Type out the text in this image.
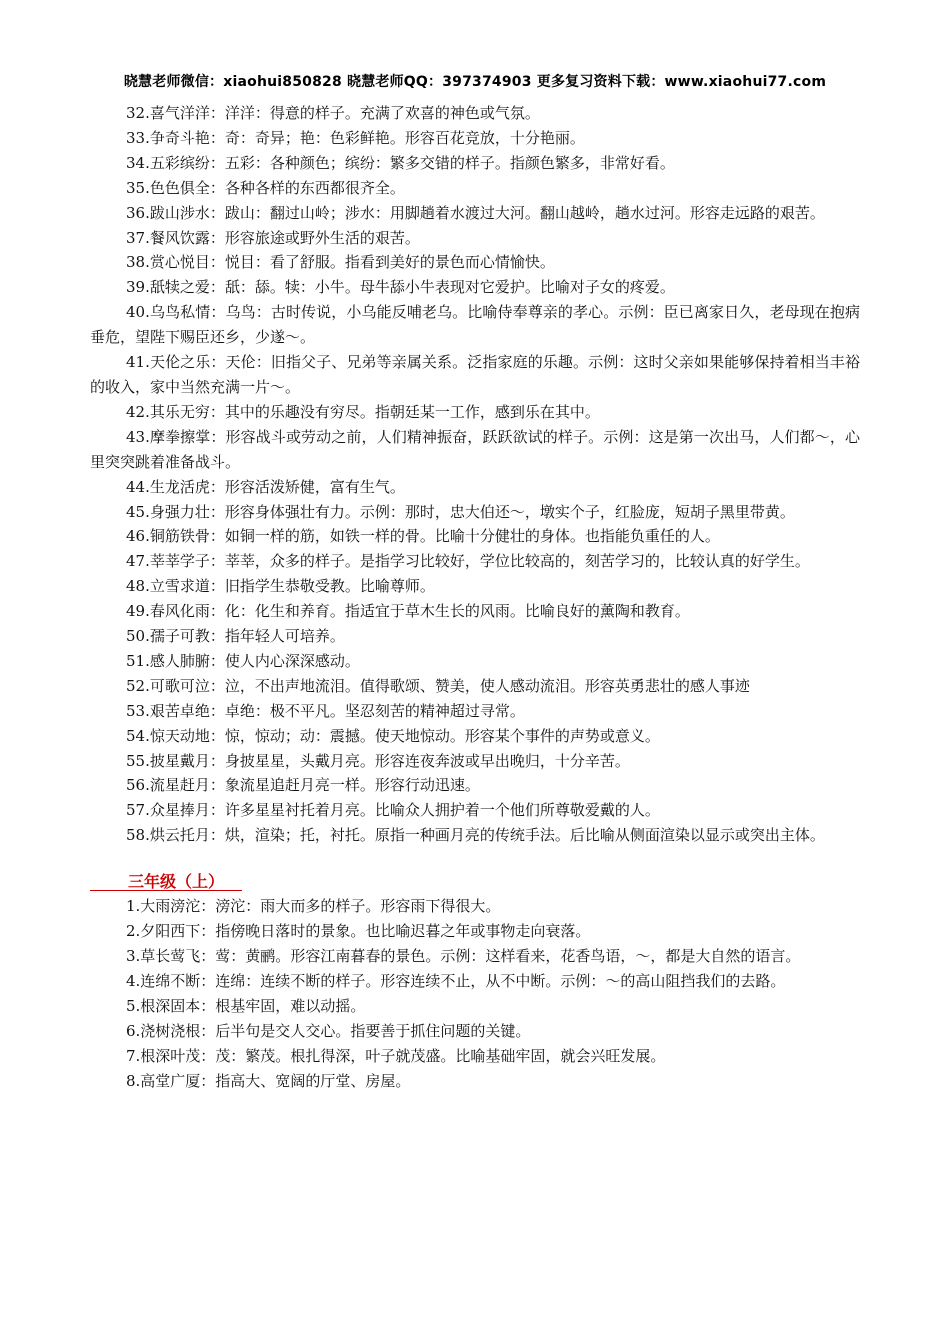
晓慧老师微信：xiaohui850828 晓慧老师QQ：397374903 更多复习资料下载：www.xiaohui77.com

32.喜气洋洋：洋洋：得意的样子。充满了欢喜的神色或气氛。

33.争奇斗艳：奇：奇异；艳：色彩鲜艳。形容百花竞放，十分艳丽。

34.五彩缤纷：五彩：各种颜色；缤纷：繁多交错的样子。指颜色繁多，非常好看。

35.色色俱全：各种各样的东西都很齐全。

36.跋山涉水：跋山：翻过山岭；涉水：用脚趟着水渡过大河。翻山越岭，趟水过河。形容走远路的艰苦。

37.餐风饮露：形容旅途或野外生活的艰苦。

38.赏心悦目：悦目：看了舒服。指看到美好的景色而心情愉快。

39.舐犊之爱：舐：舔。犊：小牛。母牛舔小牛表现对它爱护。比喻对子女的疼爱。

40.乌鸟私情：乌鸟：古时传说，小乌能反哺老乌。比喻侍奉尊亲的孝心。示例：臣已离家日久，老母现在抱病垂危，望陛下赐臣还乡，少遂～。

41.天伦之乐：天伦：旧指父子、兄弟等亲属关系。泛指家庭的乐趣。示例：这时父亲如果能够保持着相当丰裕的收入，家中当然充满一片～。

42.其乐无穷：其中的乐趣没有穷尽。指朝廷某一工作，感到乐在其中。

43.摩拳擦掌：形容战斗或劳动之前，人们精神振奋，跃跃欲试的样子。示例：这是第一次出马，人们都～，心里突突跳着准备战斗。

44.生龙活虎：形容活泼矫健，富有生气。

45.身强力壮：形容身体强壮有力。示例：那时，忠大伯还～，墩实个子，红脸庞，短胡子黑里带黄。

46.铜筋铁骨：如铜一样的筋，如铁一样的骨。比喻十分健壮的身体。也指能负重任的人。

47.莘莘学子：莘莘，众多的样子。是指学习比较好，学位比较高的，刻苦学习的，比较认真的好学生。

48.立雪求道：旧指学生恭敬受教。比喻尊师。

49.春风化雨：化：化生和养育。指适宜于草木生长的风雨。比喻良好的薰陶和教育。

50.孺子可教：指年轻人可培养。

51.感人肺腑：使人内心深深感动。

52.可歌可泣：泣，不出声地流泪。值得歌颂、赞美，使人感动流泪。形容英勇悲壮的感人事迹

53.艰苦卓绝：卓绝：极不平凡。坚忍刻苦的精神超过寻常。

54.惊天动地：惊，惊动；动：震撼。使天地惊动。形容某个事件的声势或意义。

55.披星戴月：身披星星，头戴月亮。形容连夜奔波或早出晚归，十分辛苦。

56.流星赶月：象流星追赶月亮一样。形容行动迅速。

57.众星捧月：许多星星衬托着月亮。比喻众人拥护着一个他们所尊敬爱戴的人。

58.烘云托月：烘，渲染；托，衬托。原指一种画月亮的传统手法。后比喻从侧面渲染以显示或突出主体。

三年级（上）

1.大雨滂沱：滂沱：雨大而多的样子。形容雨下得很大。

2.夕阳西下：指傍晚日落时的景象。也比喻迟暮之年或事物走向衰落。

3.草长莺飞：莺：黄鹂。形容江南暮春的景色。示例：这样看来，花香鸟语，～，都是大自然的语言。

4.连绵不断：连绵：连续不断的样子。形容连续不止，从不中断。示例：～的高山阻挡我们的去路。

5.根深固本：根基牢固，难以动摇。

6.浇树浇根：后半句是交人交心。指要善于抓住问题的关键。

7.根深叶茂：茂：繁茂。根扎得深，叶子就茂盛。比喻基础牢固，就会兴旺发展。

8.高堂广厦：指高大、宽阔的厅堂、房屋。
